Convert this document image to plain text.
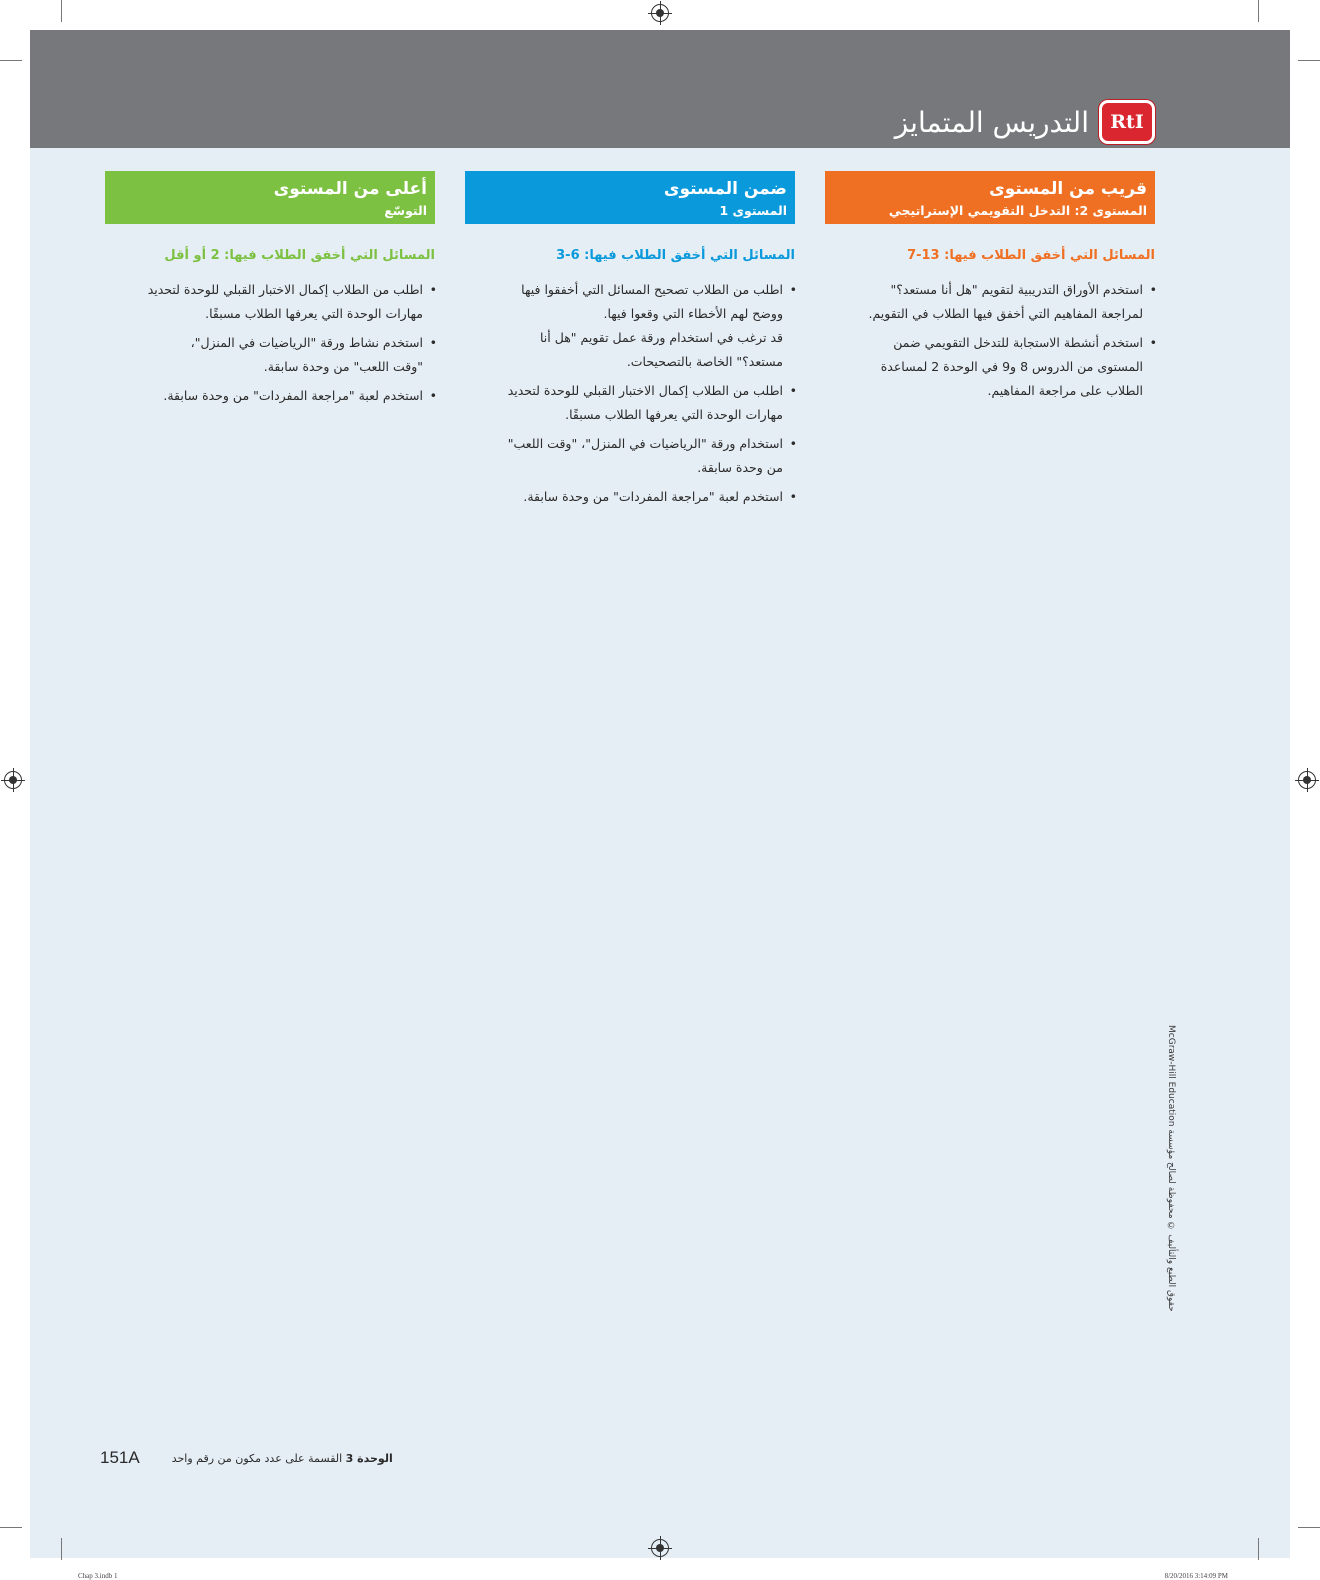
RtI
التدريس المتمايز
قريب من المستوى
المستوى 2: التدخل التقويمي الإستراتيجي
المسائل التي أخفق الطلاب فيها: 13-7
• استخدم الأوراق التدريبية لتقويم "هل أنا مستعد؟"
لمراجعة المفاهيم التي أخفق فيها الطلاب في التقويم.
• استخدم أنشطة الاستجابة للتدخل التقويمي ضمن
المستوى من الدروس 8 و9 في الوحدة 2 لمساعدة
الطلاب على مراجعة المفاهيم.
ضمن المستوى
المستوى 1
المسائل التي أخفق الطلاب فيها: 6-3
• اطلب من الطلاب تصحيح المسائل التي أخفقوا فيها
ووضح لهم الأخطاء التي وقعوا فيها.
قد ترغب في استخدام ورقة عمل تقويم "هل أنا
مستعد؟" الخاصة بالتصحيحات.
• اطلب من الطلاب إكمال الاختبار القبلي للوحدة لتحديد
مهارات الوحدة التي يعرفها الطلاب مسبقًا.
• استخدام ورقة "الرياضيات في المنزل"، "وقت اللعب"
من وحدة سابقة.
• استخدم لعبة "مراجعة المفردات" من وحدة سابقة.
أعلى من المستوى
التوسّع
المسائل التي أخفق الطلاب فيها: 2 أو أقل
• اطلب من الطلاب إكمال الاختبار القبلي للوحدة لتحديد
مهارات الوحدة التي يعرفها الطلاب مسبقًا.
• استخدم نشاط ورقة "الرياضيات في المنزل"،
"وقت اللعب" من وحدة سابقة.
• استخدم لعبة "مراجعة المفردات" من وحدة سابقة.
حقوق الطبع والتأليف © محفوظة لصالح مؤسسة McGraw-Hill Education
151A	الوحدة 3 القسمة على عدد مكون من رقم واحد
Chap 3.indb 1	8/20/2016 3:14:09 PM
